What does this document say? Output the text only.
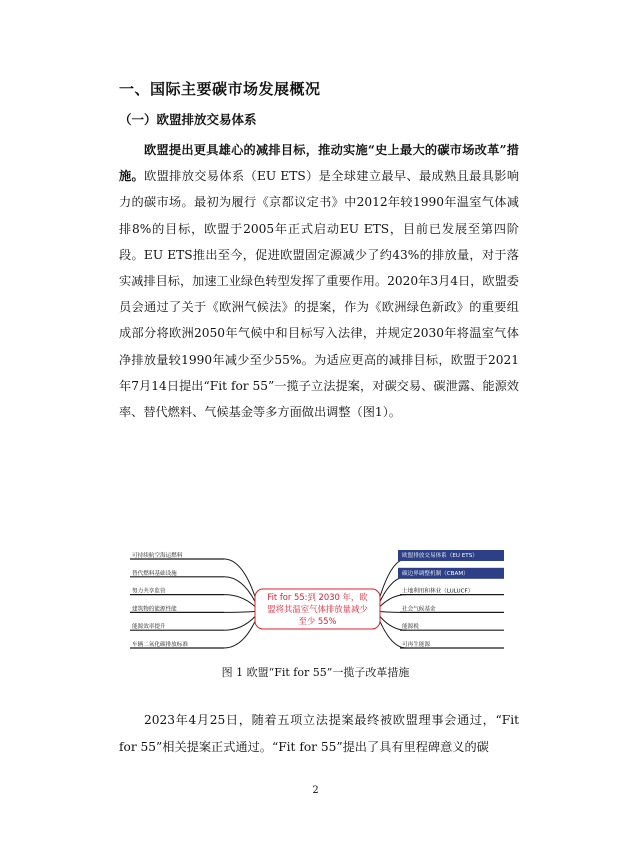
一、国际主要碳市场发展概况
（一）欧盟排放交易体系

欧盟提出更具雄心的减排目标，推动实施“史上最大的碳市场改革”措施。欧盟排放交易体系（EU ETS）是全球建立最早、最成熟且最具影响力的碳市场。最初为履行《京都议定书》中2012年较1990年温室气体减排8%的目标，欧盟于2005年正式启动EU ETS，目前已发展至第四阶段。EU ETS推出至今，促进欧盟固定源减少了约43%的排放量，对于落实减排目标，加速工业绿色转型发挥了重要作用。2020年3月4日，欧盟委员会通过了关于《欧洲气候法》的提案，作为《欧洲绿色新政》的重要组成部分将欧洲2050年气候中和目标写入法律，并规定2030年将温室气体净排放量较1990年减少至少55%。为适应更高的减排目标，欧盟于2021年7月14日提出“Fit for 55”一揽子立法提案，对碳交易、碳泄露、能源效率、替代燃料、气候基金等多方面做出调整（图1）。

可持续航空海运燃料
替代燃料基础设施
努力共享监管
建筑物的能源性能
能源效率提升
车辆二氧化碳排放标准
欧盟排放交易体系（EU ETS）
碳边界调整机制（CBAM）
土地利用和林业（LULUCF）
社会气候基金
能源税
可再生能源
Fit for 55:到 2030 年，欧
盟将其温室气体排放量减少
至少 55%
图 1 欧盟“Fit for 55”一揽子改革措施

2023年4月25日，随着五项立法提案最终被欧盟理事会通过，“Fit for 55”相关提案正式通过。“Fit for 55”提出了具有里程碑意义的碳

2
